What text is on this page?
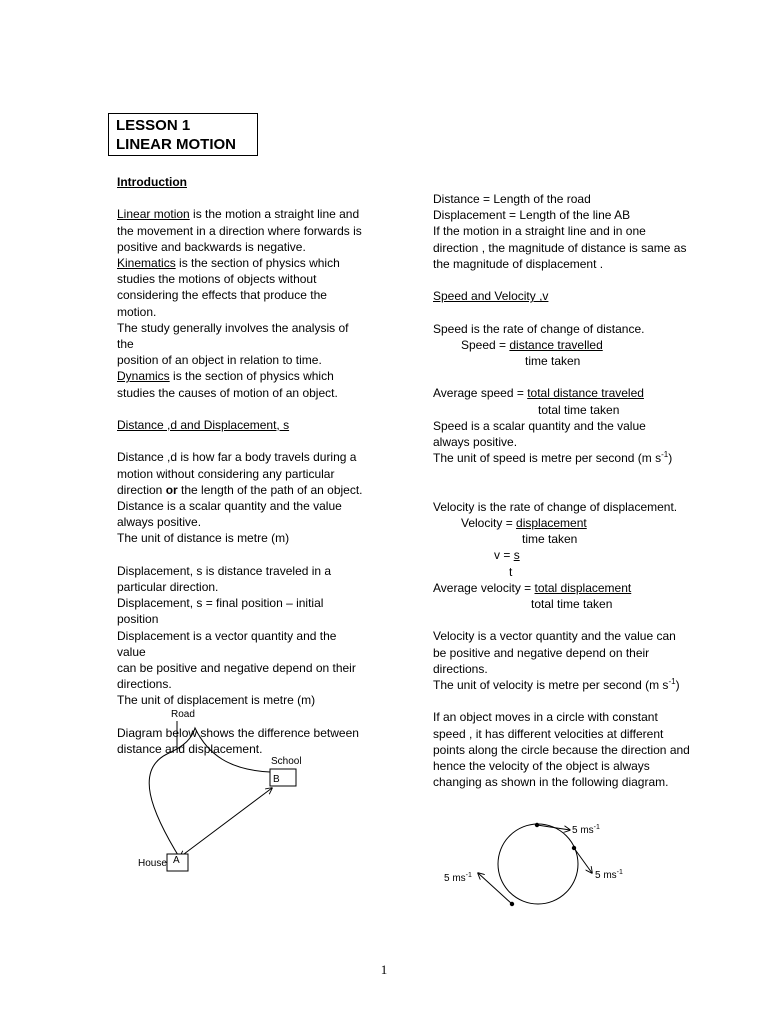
LESSON 1
LINEAR MOTION

Introduction

Linear motion is the motion a straight line and

the movement in a direction where forwards is

positive and backwards is negative.

Kinematics is the section of physics which

studies the motions of objects without

considering the effects that produce the motion.

The study generally involves the analysis of the

position of an object in relation to time.

Dynamics is the section of physics which

studies the causes of motion of an object.

Distance ,d and Displacement, s

Distance ,d is how far a body travels during a

motion without considering any particular

direction or the length of the path of an object.

Distance is a scalar quantity and the value

always positive.

The unit of distance is metre (m)

Displacement, s is distance traveled in a

particular direction.

Displacement, s = final position – initial position

Displacement is a vector quantity and the value

can be positive and negative depend on their

directions.

The unit of displacement is metre (m)

Diagram below shows the difference between

distance and displacement.

Road
School
B
House A

Distance = Length of the road

Displacement = Length of the line AB

If the motion in a straight line and in one

direction , the magnitude of distance is same as

the magnitude of displacement .

Speed and Velocity ,v

Speed is the rate of change of distance.

Speed = distance travelled

time taken

Average speed = total distance traveled

total time taken

Speed is a scalar quantity and the value

always positive.

The unit of speed is metre per second (m $s^{-1}$)

Velocity is the rate of change of displacement.

Velocity = displacement

time taken

v = s

t

Average velocity = total displacement

total time taken

Velocity is a vector quantity and the value can

be positive and negative depend on their

directions.

The unit of velocity is metre per second (m $s^{-1}$)

If an object moves in a circle with constant

speed , it has different velocities at different

points along the circle because the direction and

hence the velocity of the object is always

changing as shown in the following diagram.

5 $ms^{-1}$
5 $ms^{-1}$
5 $ms^{-1}$
1
